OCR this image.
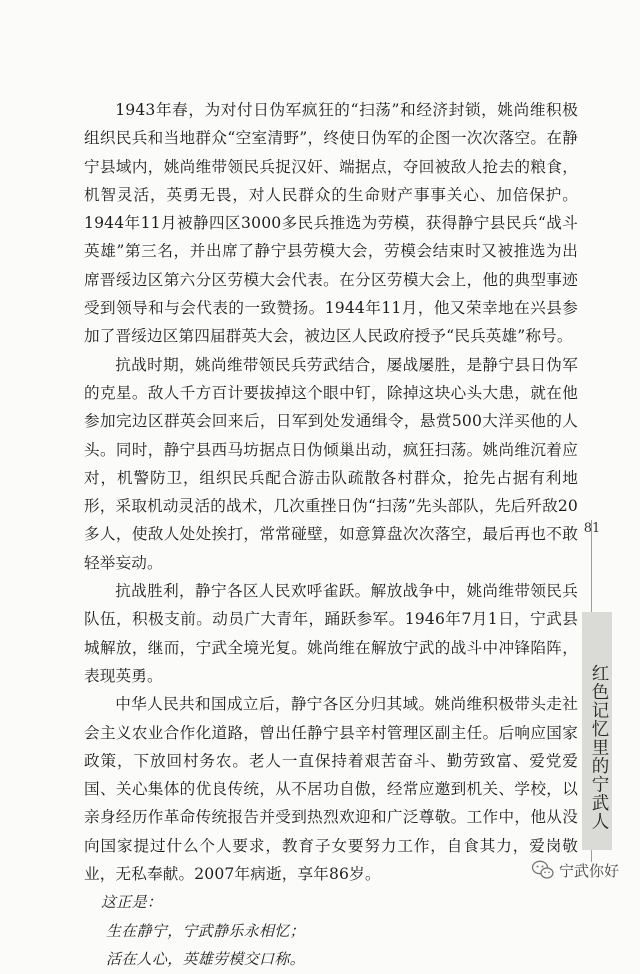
1943年春，为对付日伪军疯狂的“扫荡”和经济封锁，姚尚维积极组织民兵和当地群众“空室清野”，终使日伪军的企图一次次落空。在静宁县域内，姚尚维带领民兵捉汉奸、端据点，夺回被敌人抢去的粮食，机智灵活，英勇无畏，对人民群众的生命财产事事关心、加倍保护。1944年11月被静四区3000多民兵推选为劳模，获得静宁县民兵“战斗英雄”第三名，并出席了静宁县劳模大会，劳模会结束时又被推选为出席晋绥边区第六分区劳模大会代表。在分区劳模大会上，他的典型事迹受到领导和与会代表的一致赞扬。1944年11月，他又荣幸地在兴县参加了晋绥边区第四届群英大会，被边区人民政府授予“民兵英雄”称号。

抗战时期，姚尚维带领民兵劳武结合，屡战屡胜，是静宁县日伪军的克星。敌人千方百计要拔掉这个眼中钉，除掉这块心头大患，就在他参加完边区群英会回来后，日军到处发通缉令，悬赏500大洋买他的人头。同时，静宁县西马坊据点日伪倾巢出动，疯狂扫荡。姚尚维沉着应对，机警防卫，组织民兵配合游击队疏散各村群众，抢先占据有利地形，采取机动灵活的战术，几次重挫日伪“扫荡”先头部队，先后歼敌20多人，使敌人处处挨打，常常碰壁，如意算盘次次落空，最后再也不敢轻举妄动。

抗战胜利，静宁各区人民欢呼雀跃。解放战争中，姚尚维带领民兵队伍，积极支前。动员广大青年，踊跃参军。1946年7月1日，宁武县城解放，继而，宁武全境光复。姚尚维在解放宁武的战斗中冲锋陷阵，表现英勇。

中华人民共和国成立后，静宁各区分归其域。姚尚维积极带头走社会主义农业合作化道路，曾出任静宁县辛村管理区副主任。后响应国家政策，下放回村务农。老人一直保持着艰苦奋斗、勤劳致富、爱党爱国、关心集体的优良传统，从不居功自傲，经常应邀到机关、学校，以亲身经历作革命传统报告并受到热烈欢迎和广泛尊敬。工作中，他从没向国家提过什么个人要求，教育子女要努力工作，自食其力，爱岗敬业，无私奉献。2007年病逝，享年86岁。

这正是：

生在静宁，宁武静乐永相忆；

活在人心，英雄劳模交口称。

81
红色记忆里的宁武人
宁武你好
